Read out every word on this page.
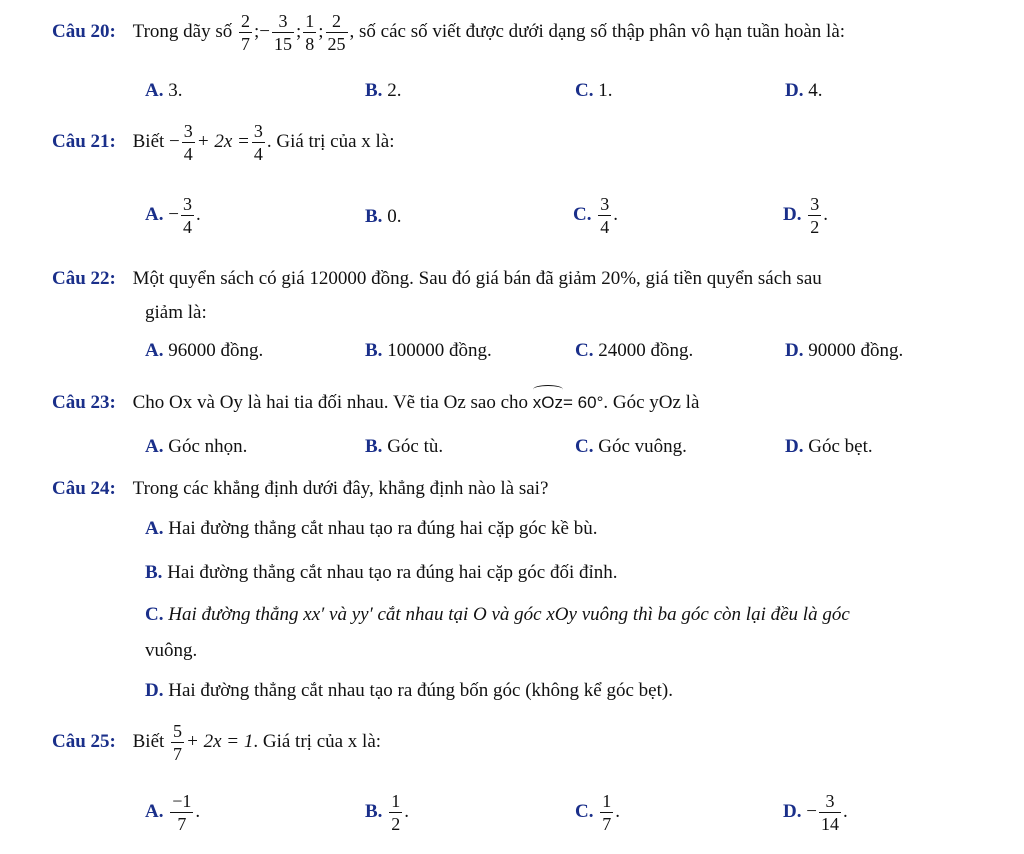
Câu 20: Trong dãy số $\frac{2}{7}$ ;− $\frac{3}{15}$ ; $\frac{1}{8}$ ; $\frac{2}{25}$ , số các số viết được dưới dạng số thập phân vô hạn tuần hoàn là:
A. 3.	B. 2.	C. 1.	D. 4.
Câu 21: Biết − $\frac{3}{4} + 2x = \frac{3}{4}$ . Giá trị của x là:
A. − $\frac{3}{4}$ .	B. 0.	C. $\frac{3}{4}$ .	D. $\frac{3}{2}$ .
Câu 22: Một quyển sách có giá 120000 đồng. Sau đó giá bán đã giảm 20%, giá tiền quyển sách sau
giảm là:
A. 96000 đồng.	B. 100000 đồng.	C. 24000 đồng.	D. 90000 đồng.
Câu 23: Cho Ox và Oy là hai tia đối nhau. Vẽ tia Oz sao cho xOz= 60°. Góc yOz là
A. Góc nhọn.	B. Góc tù.	C. Góc vuông.	D. Góc bẹt.
Câu 24: Trong các khẳng định dưới đây, khẳng định nào là sai?
A. Hai đường thẳng cắt nhau tạo ra đúng hai cặp góc kề bù.
B. Hai đường thẳng cắt nhau tạo ra đúng hai cặp góc đối đỉnh.
C. Hai đường thẳng xx′ và yy′ cắt nhau tại O và góc xOy vuông thì ba góc còn lại đều là góc
vuông.
D. Hai đường thẳng cắt nhau tạo ra đúng bốn góc (không kể góc bẹt).
Câu 25: Biết $\frac{5}{7} + 2x = 1$. Giá trị của x là:
A. $\frac{-1}{7}$ .	B. $\frac{1}{2}$ .	C. $\frac{1}{7}$ .	D. − $\frac{3}{14}$ .
